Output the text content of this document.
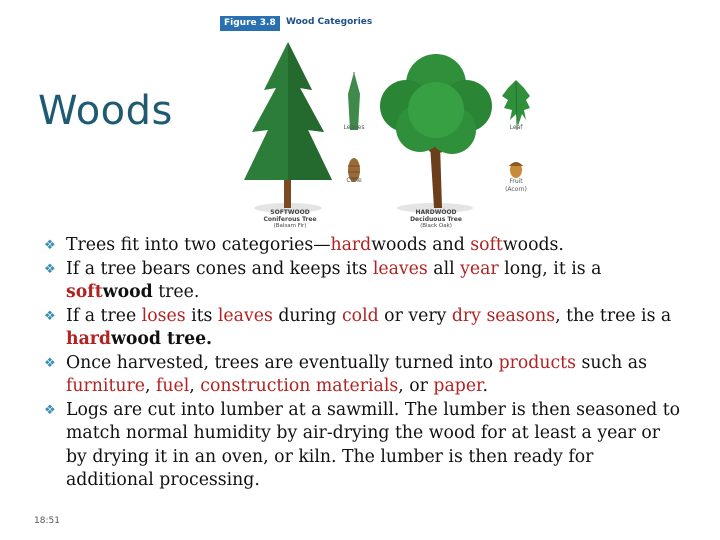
Woods
Figure 3.8	Wood Categories
Leaves
Cone
Leaf
Fruit
(Acorn)
SOFTWOOD
Coniferous Tree
(Balsam Fir)
HARDWOOD
Deciduous Tree
(Black Oak)

❖ Trees fit into two categories—hardwoods and softwoods.

❖ If a tree bears cones and keeps its leaves all year long, it is a softwood tree.

❖ If a tree loses its leaves during cold or very dry seasons, the tree is a hardwood tree.

❖ Once harvested, trees are eventually turned into products such as furniture, fuel, construction materials, or paper.

❖ Logs are cut into lumber at a sawmill. The lumber is then seasoned to match normal humidity by air-drying the wood for at least a year or by drying it in an oven, or kiln. The lumber is then ready for additional processing.

18:51
